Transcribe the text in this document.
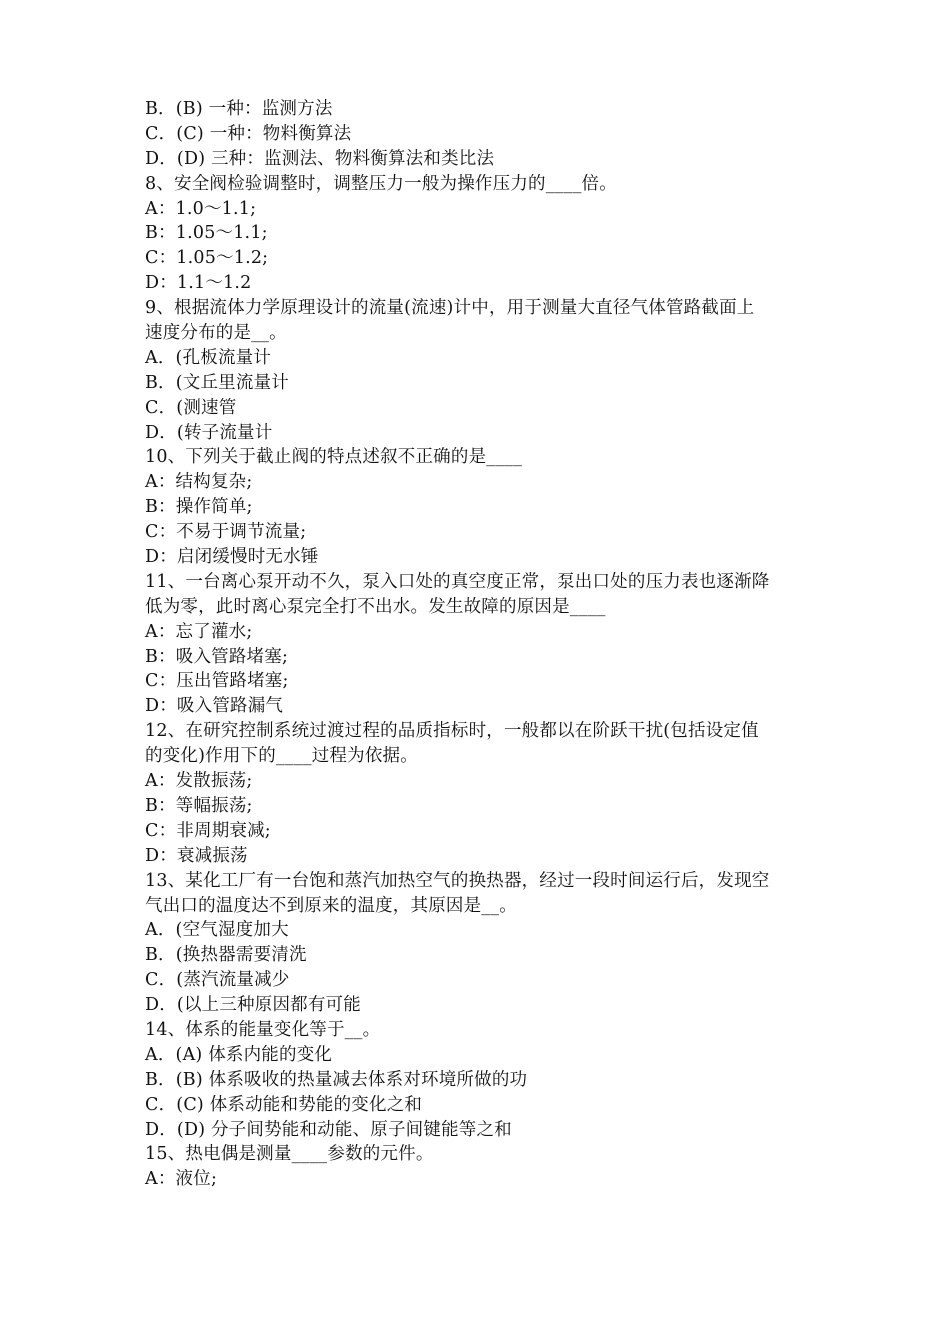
B．(B) 一种：监测方法
C．(C) 一种：物料衡算法
D．(D) 三种：监测法、物料衡算法和类比法
8、安全阀检验调整时，调整压力一般为操作压力的____倍。
A：1.0～1.1;
B：1.05～1.1;
C：1.05～1.2;
D：1.1～1.2
9、根据流体力学原理设计的流量(流速)计中，用于测量大直径气体管路截面上
速度分布的是__。
A．(孔板流量计
B．(文丘里流量计
C．(测速管
D．(转子流量计
10、下列关于截止阀的特点述叙不正确的是____
A：结构复杂;
B：操作简单;
C：不易于调节流量;
D：启闭缓慢时无水锤
11、一台离心泵开动不久，泵入口处的真空度正常，泵出口处的压力表也逐渐降
低为零，此时离心泵完全打不出水。发生故障的原因是____
A：忘了灌水;
B：吸入管路堵塞;
C：压出管路堵塞;
D：吸入管路漏气
12、在研究控制系统过渡过程的品质指标时，一般都以在阶跃干扰(包括设定值
的变化)作用下的____过程为依据。
A：发散振荡;
B：等幅振荡;
C：非周期衰减;
D：衰减振荡
13、某化工厂有一台饱和蒸汽加热空气的换热器，经过一段时间运行后，发现空
气出口的温度达不到原来的温度，其原因是__。
A．(空气湿度加大
B．(换热器需要清洗
C．(蒸汽流量减少
D．(以上三种原因都有可能
14、体系的能量变化等于__。
A．(A) 体系内能的变化
B．(B) 体系吸收的热量减去体系对环境所做的功
C．(C) 体系动能和势能的变化之和
D．(D) 分子间势能和动能、原子间键能等之和
15、热电偶是测量____参数的元件。
A：液位;
